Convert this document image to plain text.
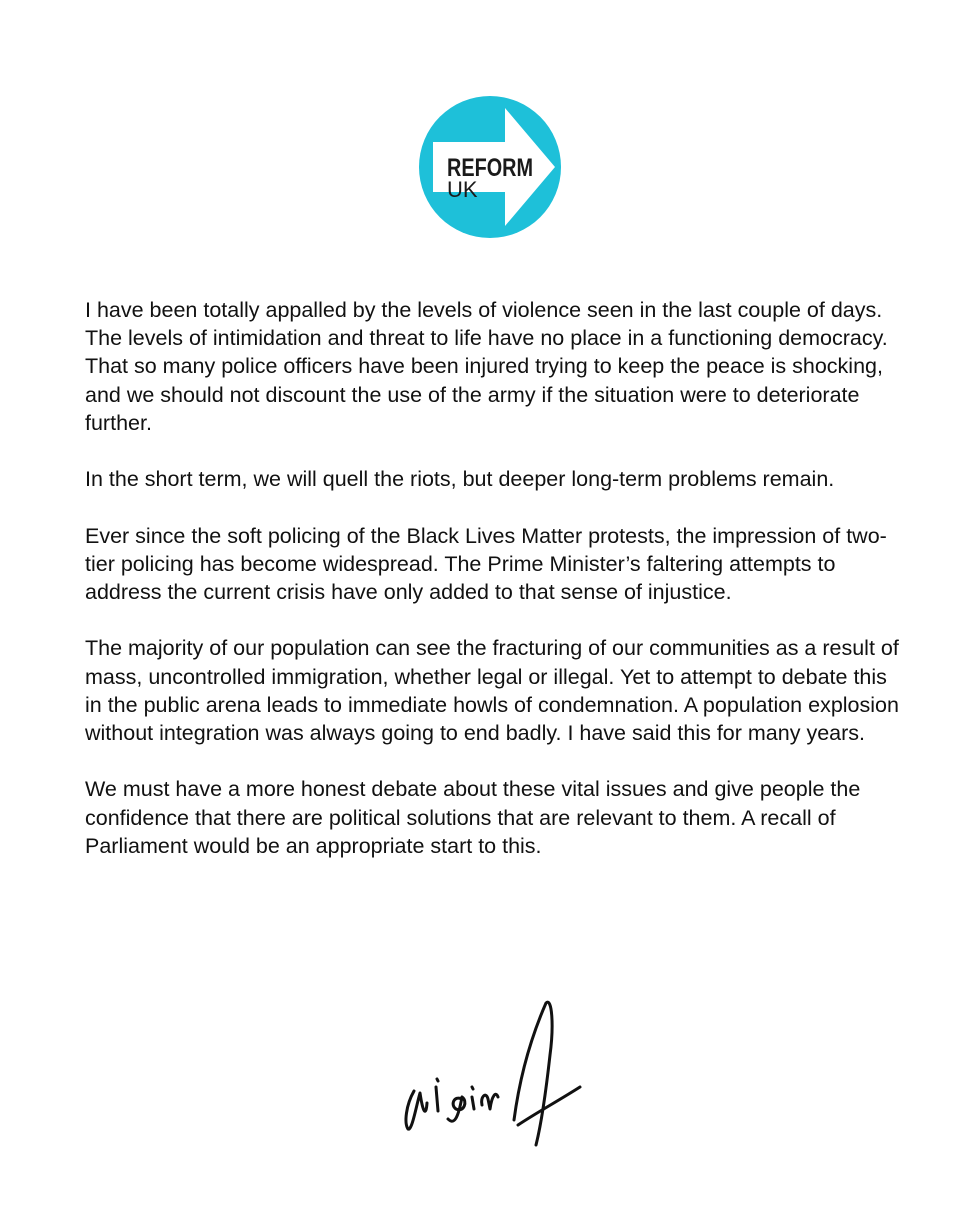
REFORM
UK

I have been totally appalled by the levels of violence seen in the last couple of days. The levels of intimidation and threat to life have no place in a functioning democracy. That so many police officers have been injured trying to keep the peace is shocking, and we should not discount the use of the army if the situation were to deteriorate further.

In the short term, we will quell the riots, but deeper long-term problems remain.

Ever since the soft policing of the Black Lives Matter protests, the impression of two-tier policing has become widespread. The Prime Minister’s faltering attempts to address the current crisis have only added to that sense of injustice.

The majority of our population can see the fracturing of our communities as a result of mass, uncontrolled immigration, whether legal or illegal. Yet to attempt to debate this in the public arena leads to immediate howls of condemnation. A population explosion without integration was always going to end badly. I have said this for many years.

We must have a more honest debate about these vital issues and give people the confidence that there are political solutions that are relevant to them. A recall of Parliament would be an appropriate start to this.
